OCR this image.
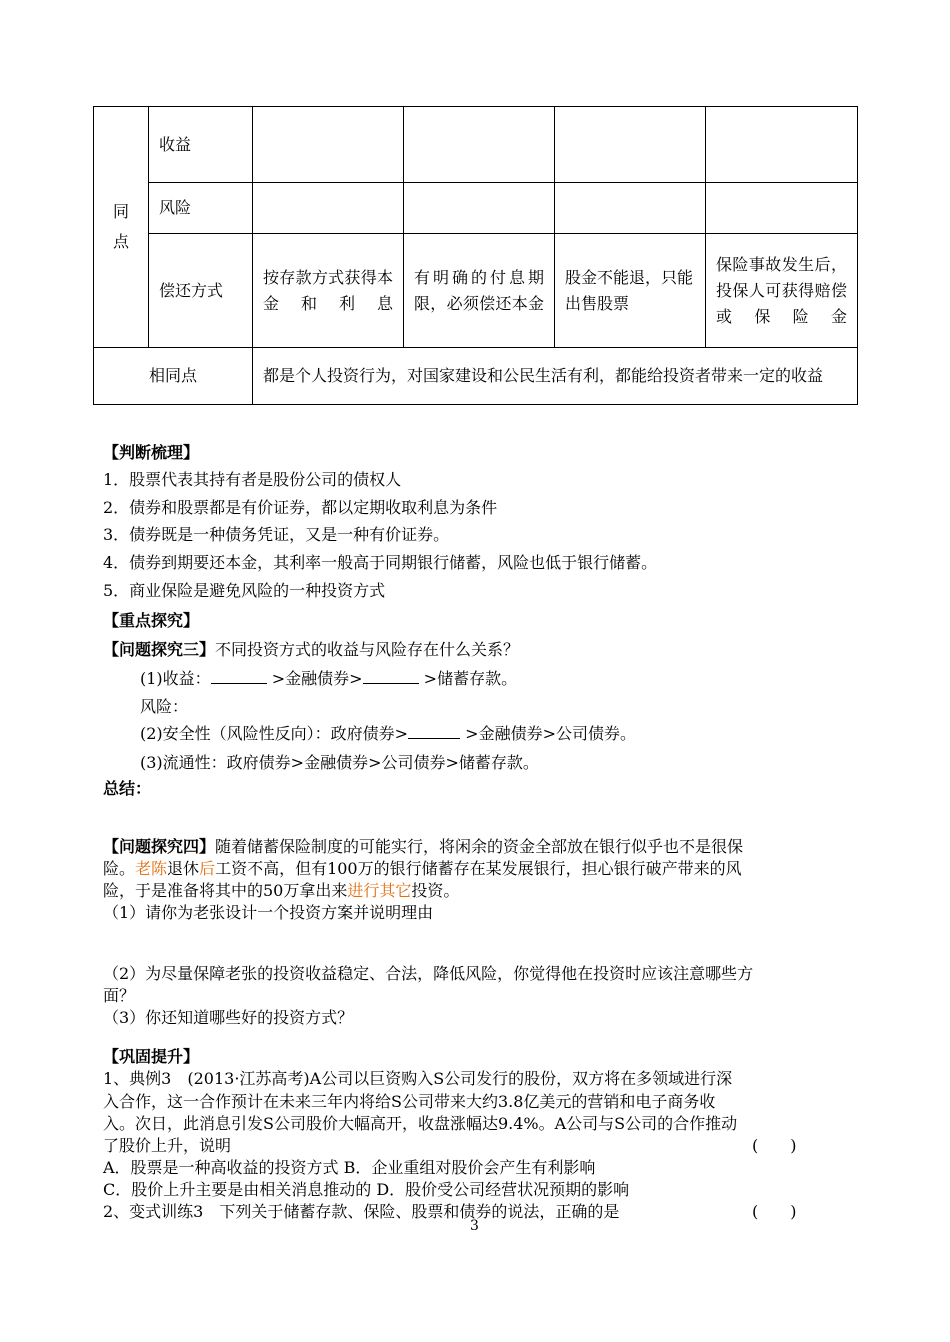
同
点	收益				
	风险				
	偿还方式	按存款方式获得本金和利息	有明确的付息期限，必须偿还本金	股金不能退，只能出售股票	保险事故发生后，投保人可获得赔偿或保险金
相同点		都是个人投资行为，对国家建设和公民生活有利，都能给投资者带来一定的收益			
【判断梳理】
1．股票代表其持有者是股份公司的债权人
2．债券和股票都是有价证券，都以定期收取利息为条件
3．债券既是一种债务凭证，又是一种有价证券。
4．债券到期要还本金，其利率一般高于同期银行储蓄，风险也低于银行储蓄。
5．商业保险是避免风险的一种投资方式
【重点探究】
【问题探究三】不同投资方式的收益与风险存在什么关系？
(1)收益：	>金融债券>	>储蓄存款。
风险：
(2)安全性（风险性反向）：政府债券>	>金融债券>公司债券。
(3)流通性：政府债券>金融债券>公司债券>储蓄存款。
总结：
【问题探究四】随着储蓄保险制度的可能实行，将闲余的资金全部放在银行似乎也不是很保
险。老陈退休后工资不高，但有100万的银行储蓄存在某发展银行，担心银行破产带来的风
险，于是准备将其中的50万拿出来进行其它投资。
（1）请你为老张设计一个投资方案并说明理由
（2）为尽量保障老张的投资收益稳定、合法，降低风险，你觉得他在投资时应该注意哪些方
面？
（3）你还知道哪些好的投资方式？
【巩固提升】
1、典例3　(2013·江苏高考)A公司以巨资购入S公司发行的股份，双方将在多领域进行深
入合作，这一合作预计在未来三年内将给S公司带来大约3.8亿美元的营销和电子商务收
入。次日，此消息引发S公司股价大幅高开，收盘涨幅达9.4%。A公司与S公司的合作推动
了股价上升，说明	(　　)
A．股票是一种高收益的投资方式 B．企业重组对股价会产生有利影响
C．股价上升主要是由相关消息推动的 D．股价受公司经营状况预期的影响
2、变式训练3　下列关于储蓄存款、保险、股票和债券的说法，正确的是	(　　)
3
